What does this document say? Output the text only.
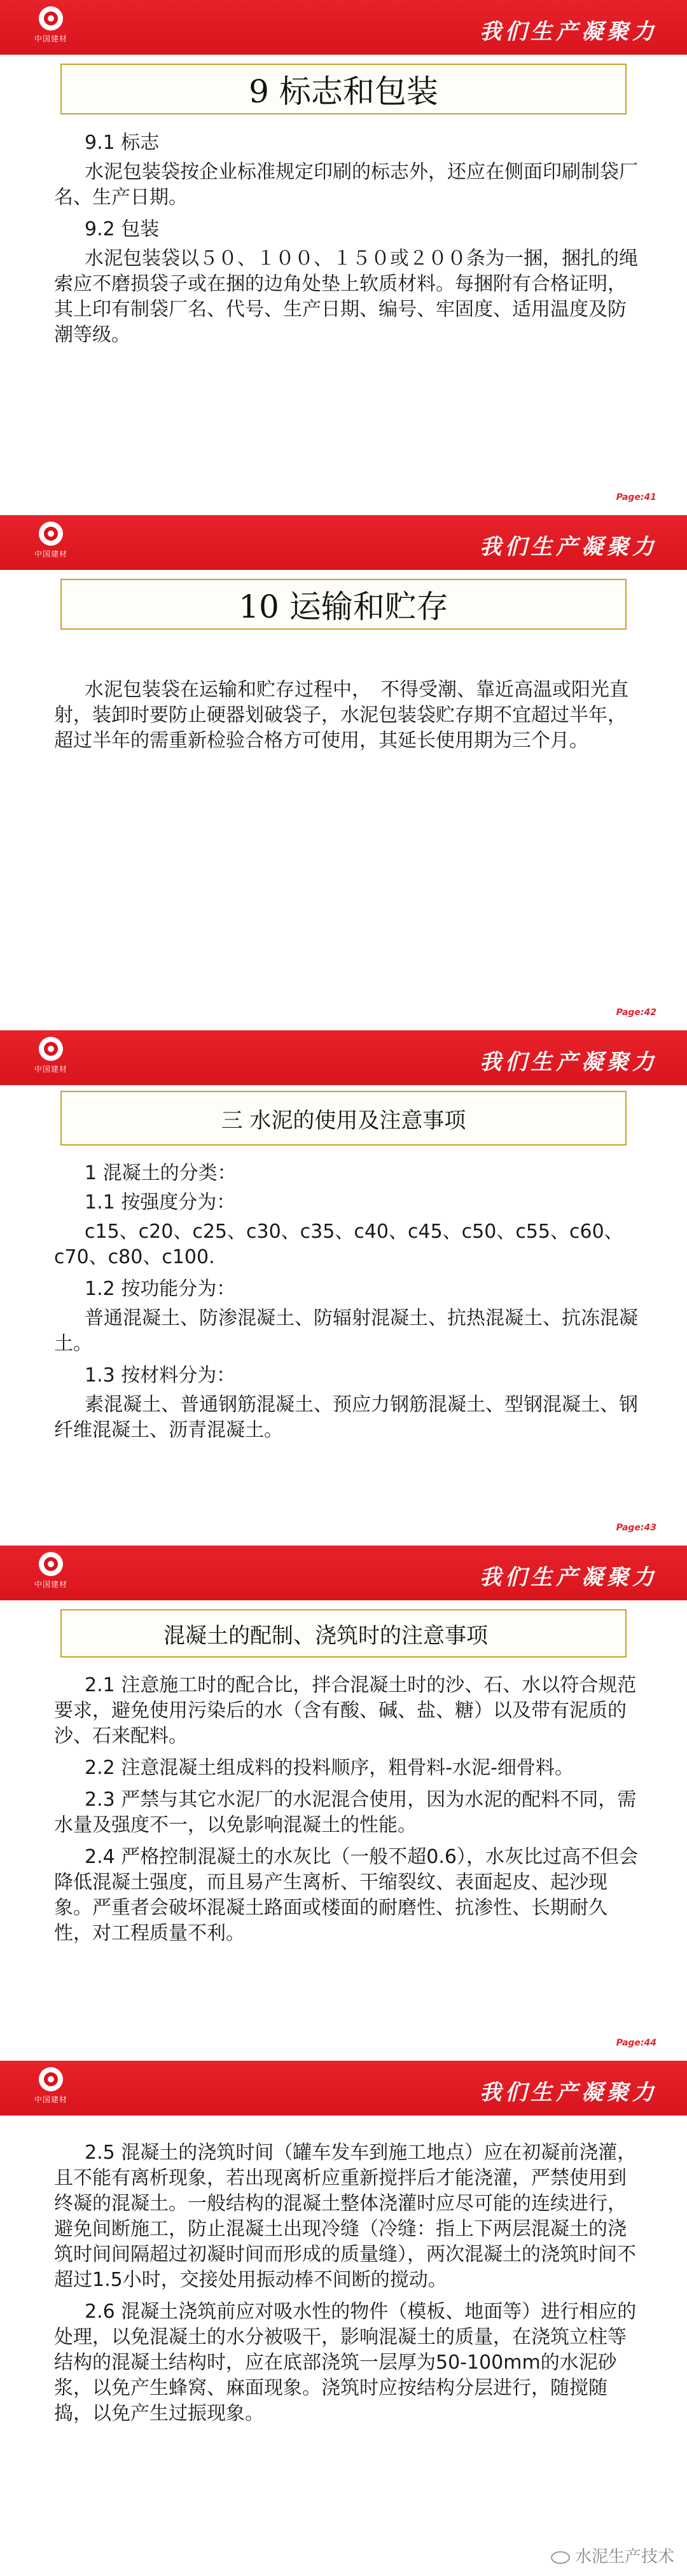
中国建材	我们生产凝聚力
9 标志和包装

9.1 标志

水泥包装袋按企业标准规定印刷的标志外，还应在侧面印刷制袋厂名、生产日期。

9.2 包装

水泥包装袋以５０、１００、１５０或２００条为一捆，捆扎的绳索应不磨损袋子或在捆的边角处垫上软质材料。每捆附有合格证明，其上印有制袋厂名、代号、生产日期、编号、牢固度、适用温度及防潮等级。

Page:41
中国建材	我们生产凝聚力
10 运输和贮存

水泥包装袋在运输和贮存过程中，　不得受潮、靠近高温或阳光直射，装卸时要防止硬器划破袋子，水泥包装袋贮存期不宜超过半年，超过半年的需重新检验合格方可使用，其延长使用期为三个月。

Page:42
中国建材	我们生产凝聚力
三 水泥的使用及注意事项

1 混凝土的分类：

1.1 按强度分为：

c15、c20、c25、c30、c35、c40、c45、c50、c55、c60、c70、c80、c100.

1.2 按功能分为：

普通混凝土、防渗混凝土、防辐射混凝土、抗热混凝土、抗冻混凝土。

1.3 按材料分为：

素混凝土、普通钢筋混凝土、预应力钢筋混凝土、型钢混凝土、钢纤维混凝土、沥青混凝土。

Page:43
中国建材	我们生产凝聚力
混凝土的配制、浇筑时的注意事项

2.1 注意施工时的配合比，拌合混凝土时的沙、石、水以符合规范要求，避免使用污染后的水（含有酸、碱、盐、糖）以及带有泥质的沙、石来配料。

2.2 注意混凝土组成料的投料顺序，粗骨料-水泥-细骨料。

2.3 严禁与其它水泥厂的水泥混合使用，因为水泥的配料不同，需水量及强度不一，以免影响混凝土的性能。

2.4 严格控制混凝土的水灰比（一般不超0.6），水灰比过高不但会降低混凝土强度，而且易产生离析、干缩裂纹、表面起皮、起沙现象。严重者会破坏混凝土路面或楼面的耐磨性、抗渗性、长期耐久性，对工程质量不利。

Page:44
中国建材	我们生产凝聚力

2.5 混凝土的浇筑时间（罐车发车到施工地点）应在初凝前浇灌，且不能有离析现象，若出现离析应重新搅拌后才能浇灌，严禁使用到终凝的混凝土。一般结构的混凝土整体浇灌时应尽可能的连续进行，避免间断施工，防止混凝土出现冷缝（冷缝：指上下两层混凝土的浇筑时间间隔超过初凝时间而形成的质量缝），两次混凝土的浇筑时间不超过1.5小时，交接处用振动棒不间断的搅动。

2.6 混凝土浇筑前应对吸水性的物件（模板、地面等）进行相应的处理，以免混凝土的水分被吸干，影响混凝土的质量，在浇筑立柱等结构的混凝土结构时，应在底部浇筑一层厚为50-100mm的水泥砂浆，以免产生蜂窝、麻面现象。浇筑时应按结构分层进行，随搅随捣，以免产生过振现象。

水泥生产技术
